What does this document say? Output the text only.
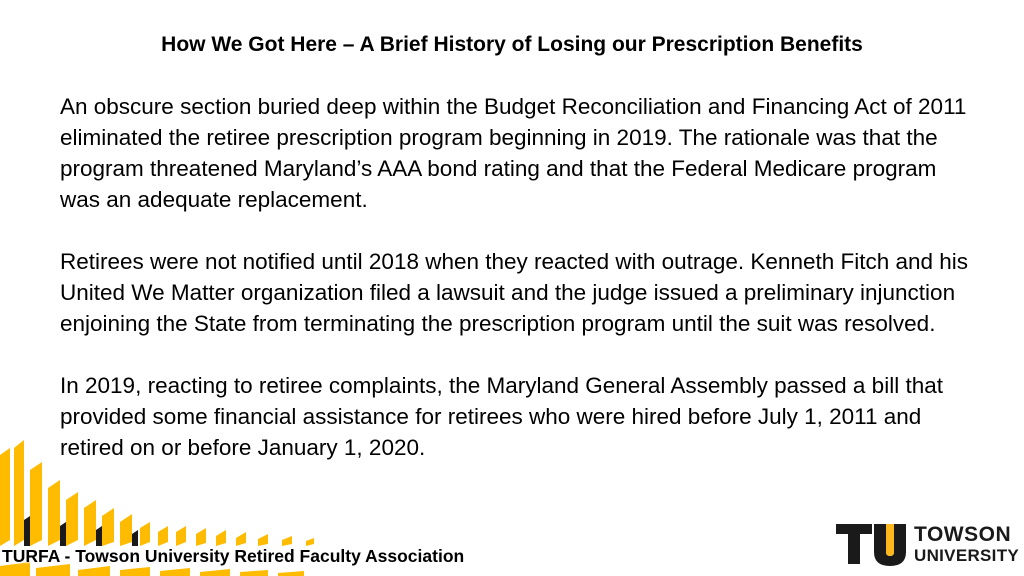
How We Got Here – A Brief History of Losing our Prescription Benefits

An obscure section buried deep within the Budget Reconciliation and Financing Act of 2011 eliminated the retiree prescription program beginning in 2019. The rationale was that the program threatened Maryland’s AAA bond rating and that the Federal Medicare program was an adequate replacement.

Retirees were not notified until 2018 when they reacted with outrage. Kenneth Fitch and his United We Matter organization filed a lawsuit and the judge issued a preliminary injunction enjoining the State from terminating the prescription program until the suit was resolved.

In 2019, reacting to retiree complaints, the Maryland General Assembly passed a bill that provided some financial assistance for retirees who were hired before July 1, 2011 and retired on or before January 1, 2020.

TURFA - Towson University Retired Faculty Association
TOWSON
UNIVERSITY
